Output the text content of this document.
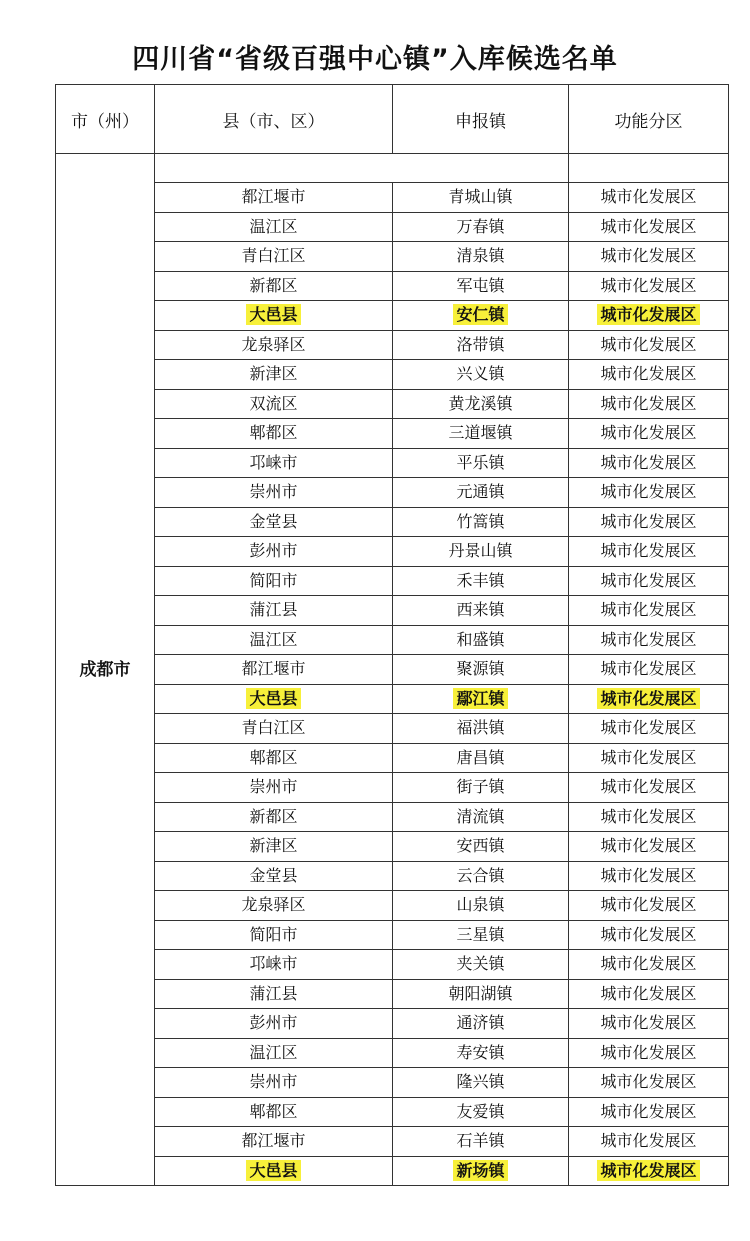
四川省“省级百强中心镇”入库候选名单
市（州）	县（市、区）	申报镇	功能分区
成都市			
	都江堰市	青城山镇	城市化发展区
	温江区	万春镇	城市化发展区
	青白江区	清泉镇	城市化发展区
	新都区	军屯镇	城市化发展区
	大邑县	安仁镇	城市化发展区
	龙泉驿区	洛带镇	城市化发展区
	新津区	兴义镇	城市化发展区
	双流区	黄龙溪镇	城市化发展区
	郫都区	三道堰镇	城市化发展区
	邛崃市	平乐镇	城市化发展区
	崇州市	元通镇	城市化发展区
	金堂县	竹篙镇	城市化发展区
	彭州市	丹景山镇	城市化发展区
	简阳市	禾丰镇	城市化发展区
	蒲江县	西来镇	城市化发展区
	温江区	和盛镇	城市化发展区
	都江堰市	聚源镇	城市化发展区
	大邑县	鄢江镇	城市化发展区
	青白江区	福洪镇	城市化发展区
	郫都区	唐昌镇	城市化发展区
	崇州市	街子镇	城市化发展区
	新都区	清流镇	城市化发展区
	新津区	安西镇	城市化发展区
	金堂县	云合镇	城市化发展区
	龙泉驿区	山泉镇	城市化发展区
	简阳市	三星镇	城市化发展区
	邛崃市	夹关镇	城市化发展区
	蒲江县	朝阳湖镇	城市化发展区
	彭州市	通济镇	城市化发展区
	温江区	寿安镇	城市化发展区
	崇州市	隆兴镇	城市化发展区
	郫都区	友爱镇	城市化发展区
	都江堰市	石羊镇	城市化发展区
	大邑县	新场镇	城市化发展区
